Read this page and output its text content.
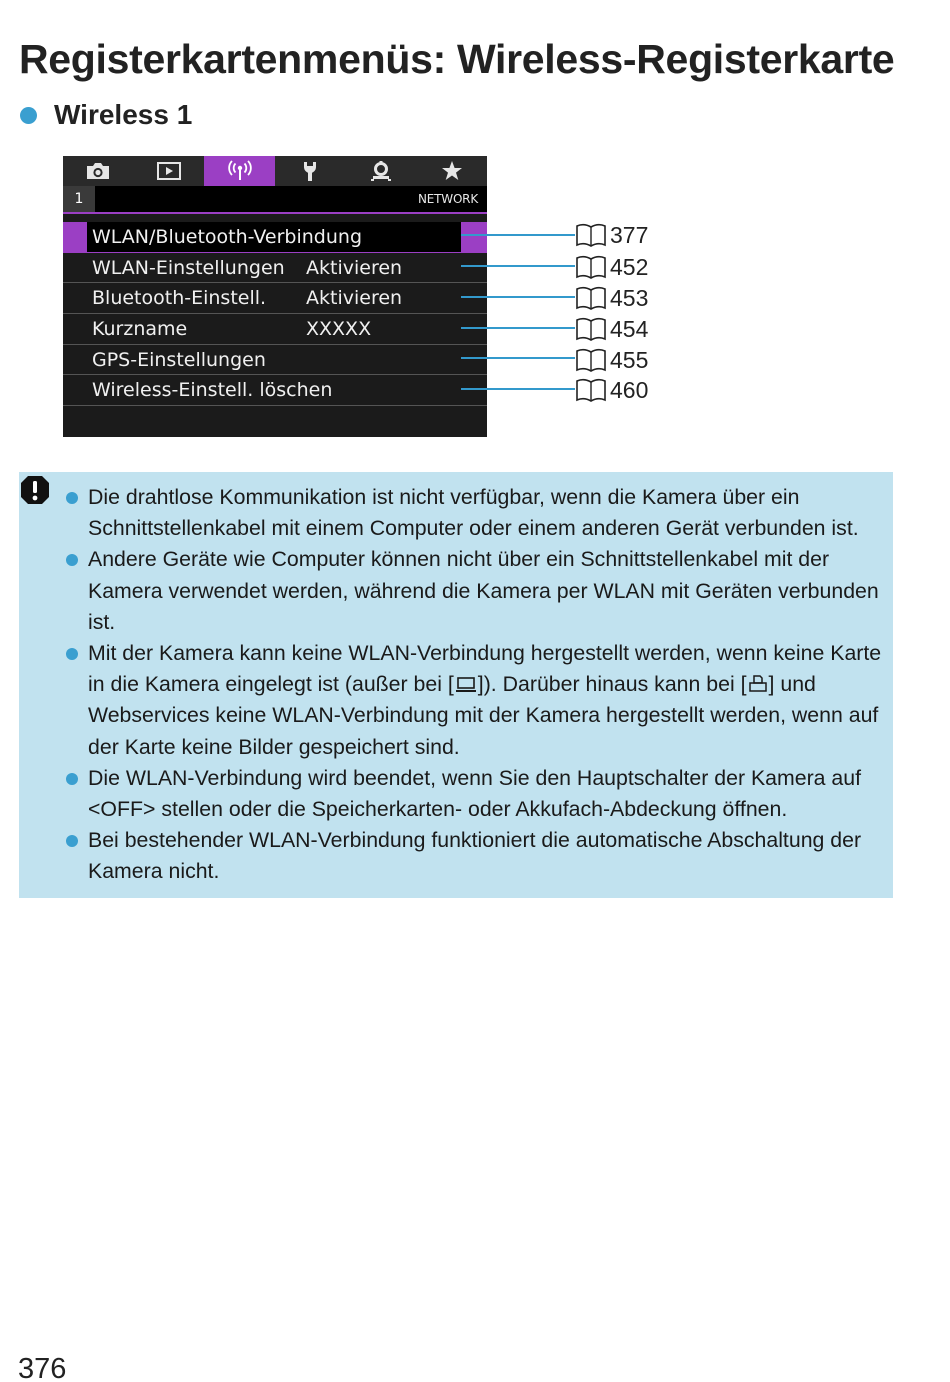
Registerkartenmenüs: Wireless-Registerkarte
Wireless 1
1	NETWORK
WLAN/Bluetooth-Verbindung
WLAN-Einstellungen Aktivieren
Bluetooth-Einstell. Aktivieren
Kurzname	XXXXX
GPS-Einstellungen
Wireless-Einstell. löschen
377
452
453
454
455
460
Die drahtlose Kommunikation ist nicht verfügbar, wenn die Kamera über ein Schnittstellenkabel mit einem Computer oder einem anderen Gerät verbunden ist.
Andere Geräte wie Computer können nicht über ein Schnittstellenkabel mit der Kamera verwendet werden, während die Kamera per WLAN mit Geräten verbunden ist.
Mit der Kamera kann keine WLAN-Verbindung hergestellt werden, wenn keine Karte in die Kamera eingelegt ist (außer bei [ ]). Darüber hinaus kann bei [ ] und Webservices keine WLAN-Verbindung mit der Kamera hergestellt werden, wenn auf der Karte keine Bilder gespeichert sind.
Die WLAN-Verbindung wird beendet, wenn Sie den Hauptschalter der Kamera auf <OFF> stellen oder die Speicherkarten- oder Akkufach-Abdeckung öffnen.
Bei bestehender WLAN-Verbindung funktioniert die automatische Abschaltung der Kamera nicht.
376
